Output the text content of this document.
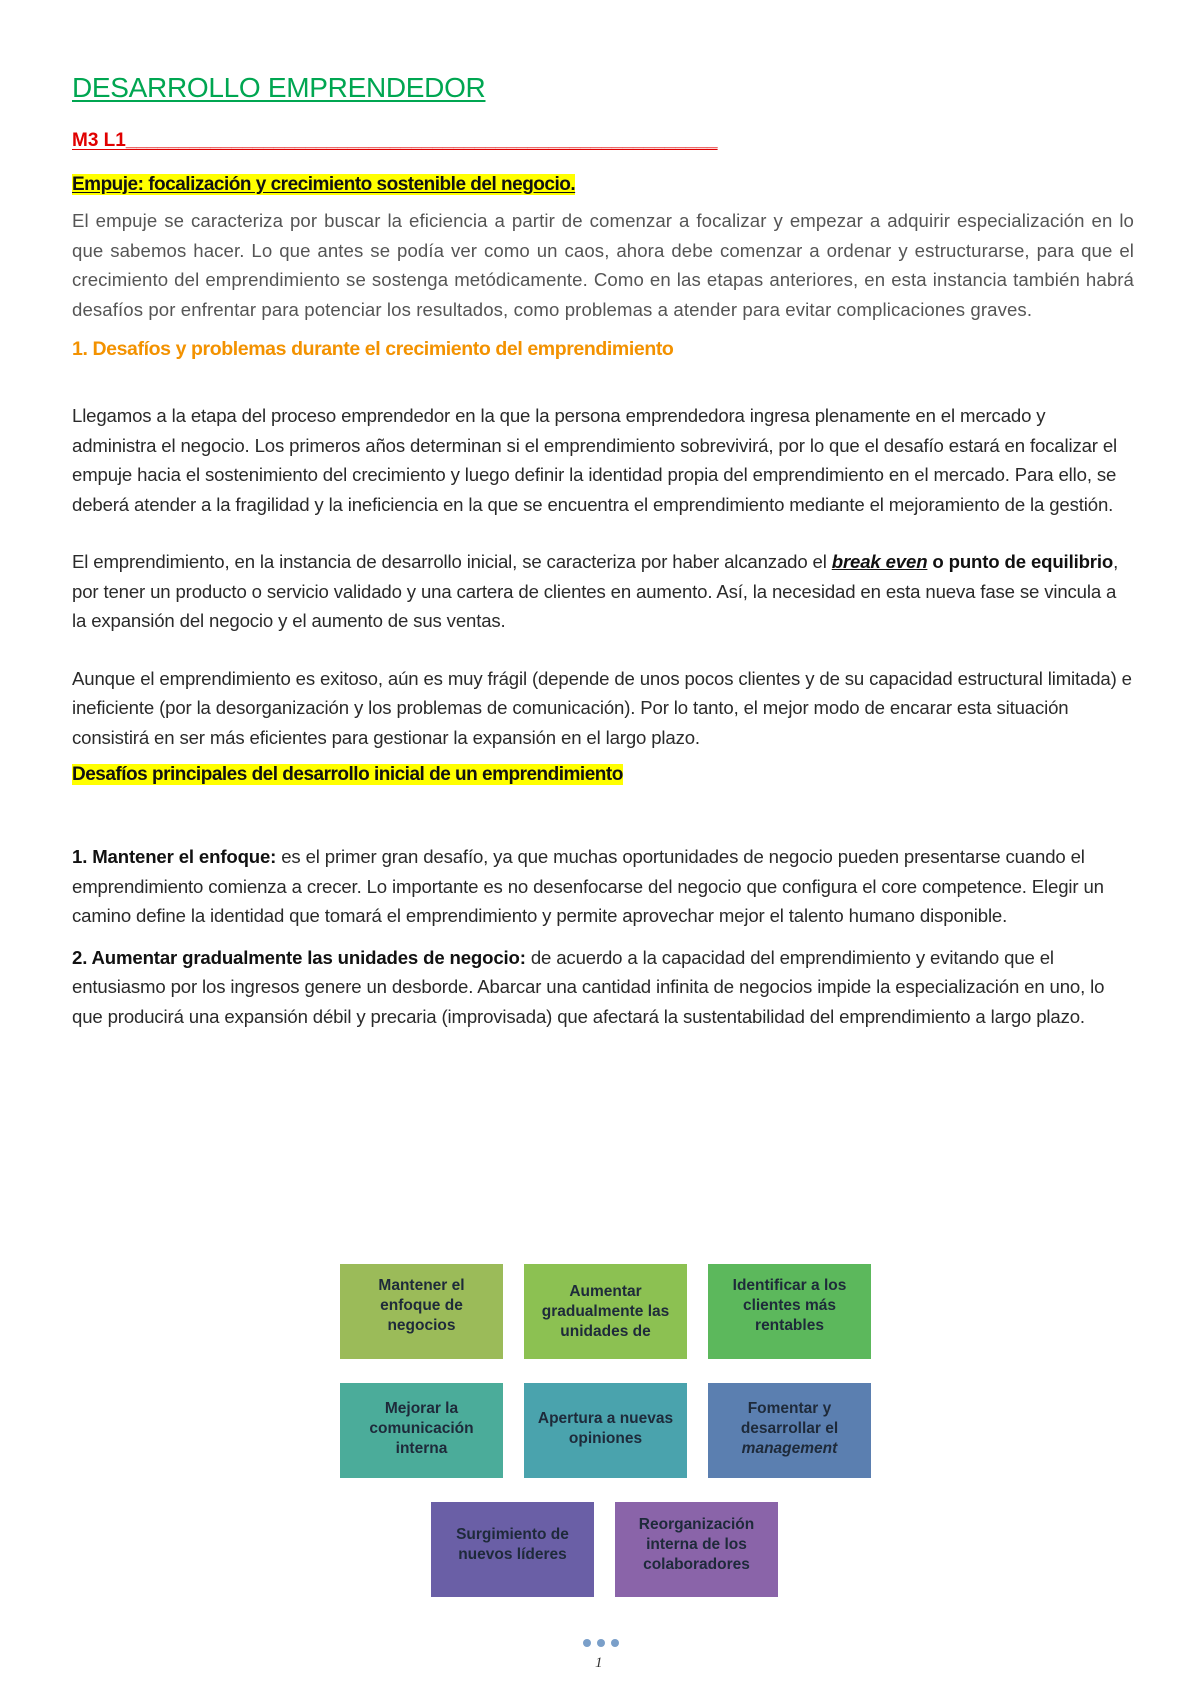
DESARROLLO EMPRENDEDOR
M3 L1________________________________________________________
Empuje: focalización y crecimiento sostenible del negocio.

El empuje se caracteriza por buscar la eficiencia a partir de comenzar a focalizar y empezar a adquirir especialización en lo que sabemos hacer. Lo que antes se podía ver como un caos, ahora debe comenzar a ordenar y estructurarse, para que el crecimiento del emprendimiento se sostenga metódicamente. Como en las etapas anteriores, en esta instancia también habrá desafíos por enfrentar para potenciar los resultados, como problemas a atender para evitar complicaciones graves.

1. Desafíos y problemas durante el crecimiento del emprendimiento

Llegamos a la etapa del proceso emprendedor en la que la persona emprendedora ingresa plenamente en el mercado y administra el negocio. Los primeros años determinan si el emprendimiento sobrevivirá, por lo que el desafío estará en focalizar el empuje hacia el sostenimiento del crecimiento y luego definir la identidad propia del emprendimiento en el mercado. Para ello, se deberá atender a la fragilidad y la ineficiencia en la que se encuentra el emprendimiento mediante el mejoramiento de la gestión.

El emprendimiento, en la instancia de desarrollo inicial, se caracteriza por haber alcanzado el break even o punto de equilibrio, por tener un producto o servicio validado y una cartera de clientes en aumento. Así, la necesidad en esta nueva fase se vincula a la expansión del negocio y el aumento de sus ventas.

Aunque el emprendimiento es exitoso, aún es muy frágil (depende de unos pocos clientes y de su capacidad estructural limitada) e ineficiente (por la desorganización y los problemas de comunicación). Por lo tanto, el mejor modo de encarar esta situación consistirá en ser más eficientes para gestionar la expansión en el largo plazo.

Desafíos principales del desarrollo inicial de un emprendimiento

1. Mantener el enfoque: es el primer gran desafío, ya que muchas oportunidades de negocio pueden presentarse cuando el emprendimiento comienza a crecer. Lo importante es no desenfocarse del negocio que configura el core competence. Elegir un camino define la identidad que tomará el emprendimiento y permite aprovechar mejor el talento humano disponible.

2. Aumentar gradualmente las unidades de negocio: de acuerdo a la capacidad del emprendimiento y evitando que el entusiasmo por los ingresos genere un desborde. Abarcar una cantidad infinita de negocios impide la especialización en uno, lo que producirá una expansión débil y precaria (improvisada) que afectará la sustentabilidad del emprendimiento a largo plazo.

Mantener el
enfoque de
negocios
Aumentar
gradualmente las
unidades de
Identificar a los
clientes más
rentables
Mejorar la
comunicación
interna
Apertura a nuevas
opiniones
Fomentar y
desarrollar el
management
Surgimiento de
nuevos líderes
Reorganización
interna de los
colaboradores
1
